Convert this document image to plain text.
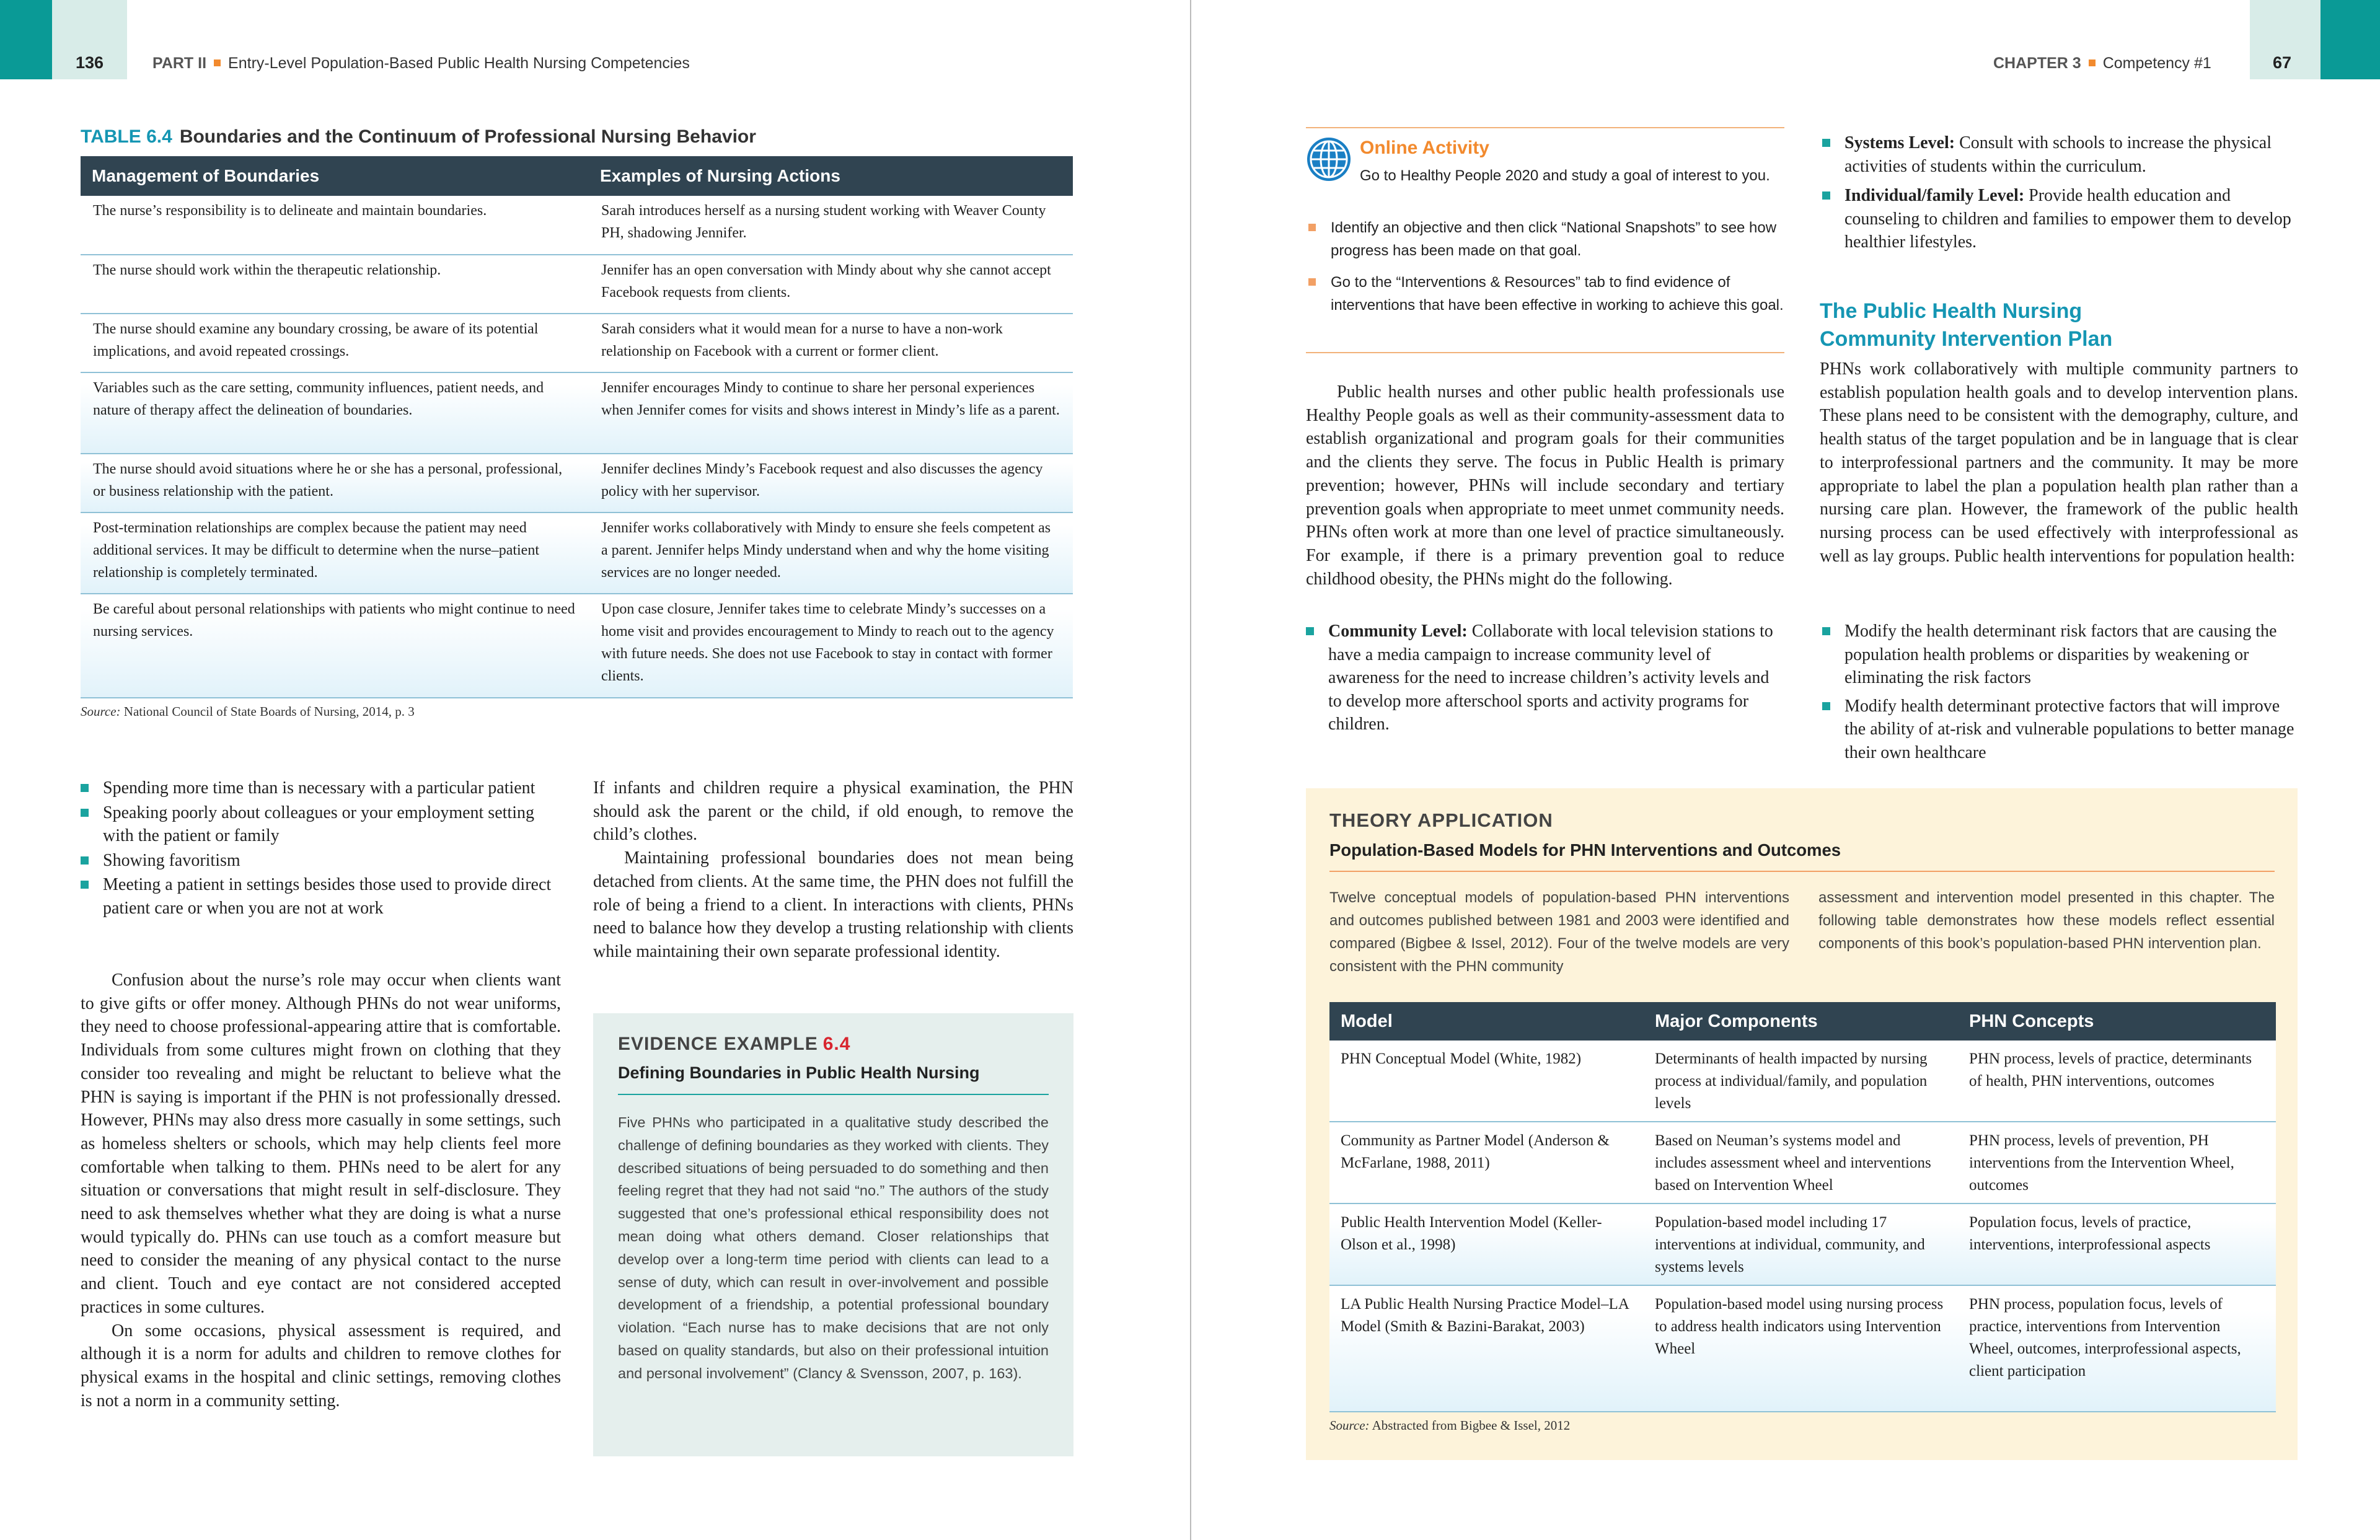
136	PART II Entry-Level Population-Based Public Health Nursing Competencies	CHAPTER 3 Competency #1	67
TABLE 6.4 Boundaries and the Continuum of Professional Nursing Behavior
Management of Boundaries	Examples of Nursing Actions
The nurse’s responsibility is to delineate and maintain boundaries.	Sarah introduces herself as a nursing student working with Weaver County PH, shadowing Jennifer.
The nurse should work within the therapeutic relationship.	Jennifer has an open conversation with Mindy about why she cannot accept Facebook requests from clients.
The nurse should examine any boundary crossing, be aware of its potential implications, and avoid repeated crossings.	Sarah considers what it would mean for a nurse to have a non-work relationship on Facebook with a current or former client.
Variables such as the care setting, community influences, patient needs, and nature of therapy affect the delineation of boundaries.	Jennifer encourages Mindy to continue to share her personal experiences when Jennifer comes for visits and shows interest in Mindy’s life as a parent.
The nurse should avoid situations where he or she has a personal, professional, or business relationship with the patient.	Jennifer declines Mindy’s Facebook request and also discusses the agency policy with her supervisor.
Post-termination relationships are complex because the patient may need additional services. It may be difficult to determine when the nurse–patient relationship is completely terminated.	Jennifer works collaboratively with Mindy to ensure she feels competent as a parent. Jennifer helps Mindy understand when and why the home visiting services are no longer needed.
Be careful about personal relationships with patients who might continue to need nursing services.	Upon case closure, Jennifer takes time to celebrate Mindy’s successes on a home visit and provides encouragement to Mindy to reach out to the agency with future needs. She does not use Facebook to stay in contact with former clients.
Source: National Council of State Boards of Nursing, 2014, p. 3
Spending more time than is necessary with a particular patient
Speaking poorly about colleagues or your employment setting with the patient or family
Showing favoritism
Meeting a patient in settings besides those used to provide direct patient care or when you are not at work

Confusion about the nurse’s role may occur when clients want to give gifts or offer money. Although PHNs do not wear uniforms, they need to choose professional-appearing attire that is comfortable. Individuals from some cultures might frown on clothing that they consider too revealing and might be reluctant to believe what the PHN is saying is important if the PHN is not professionally dressed. However, PHNs may also dress more casually in some settings, such as homeless shelters or schools, which may help clients feel more comfortable when talking to them. PHNs need to be alert for any situation or conversations that might result in self-disclosure. They need to ask themselves whether what they are doing is what a nurse would typically do. PHNs can use touch as a comfort measure but need to consider the meaning of any physical contact to the nurse and client. Touch and eye contact are not considered accepted practices in some cultures.

On some occasions, physical assessment is required, and although it is a norm for adults and children to remove clothes for physical exams in the hospital and clinic settings, removing clothes is not a norm in a community setting.

If infants and children require a physical examination, the PHN should ask the parent or the child, if old enough, to remove the child’s clothes.

Maintaining professional boundaries does not mean being detached from clients. At the same time, the PHN does not fulfill the role of being a friend to a client. In interactions with clients, PHNs need to balance how they develop a trusting relationship with clients while maintaining their own separate professional identity.

EVIDENCE EXAMPLE 6.4
Defining Boundaries in Public Health Nursing
Five PHNs who participated in a qualitative study described the challenge of defining boundaries as they worked with clients. They described situations of being persuaded to do something and then feeling regret that they had not said “no.” The authors of the study suggested that one’s professional ethical responsibility does not mean doing what others demand. Closer relationships that develop over a long-term time period with clients can lead to a sense of duty, which can result in over-involvement and possible development of a friendship, a potential professional boundary violation. “Each nurse has to make decisions that are not only based on quality standards, but also on their professional intuition and personal involvement” (Clancy & Svensson, 2007, p. 163).
Online Activity
Go to Healthy People 2020 and study a goal of interest to you.
Identify an objective and then click “National Snapshots” to see how progress has been made on that goal.
Go to the “Interventions & Resources” tab to find evidence of interventions that have been effective in working to achieve this goal.

Public health nurses and other public health professionals use Healthy People goals as well as their community-assessment data to establish organizational and program goals for their communities and the clients they serve. The focus in Public Health is primary prevention; however, PHNs will include secondary and tertiary prevention goals when appropriate to meet unmet community needs. PHNs often work at more than one level of practice simultaneously. For example, if there is a primary prevention goal to reduce childhood obesity, the PHNs might do the following.

Community Level: Collaborate with local television stations to have a media campaign to increase community level of awareness for the need to increase children’s activity levels and to develop more afterschool sports and activity programs for children.
Systems Level: Consult with schools to increase the physical activities of students within the curriculum.
Individual/family Level: Provide health education and counseling to children and families to empower them to develop healthier lifestyles.
The Public Health Nursing Community Intervention Plan

PHNs work collaboratively with multiple community partners to establish population health goals and to develop intervention plans. These plans need to be consistent with the demography, culture, and health status of the target population and be in language that is clear to interprofessional partners and the community. It may be more appropriate to label the plan a population health plan rather than a nursing care plan. However, the framework of the public health nursing process can be used effectively with interprofessional as well as lay groups. Public health interventions for population health:

Modify the health determinant risk factors that are causing the population health problems or disparities by weakening or eliminating the risk factors
Modify health determinant protective factors that will improve the ability of at-risk and vulnerable populations to better manage their own healthcare
THEORY APPLICATION
Population-Based Models for PHN Interventions and Outcomes
Twelve conceptual models of population-based PHN interventions and outcomes published between 1981 and 2003 were identified and compared (Bigbee & Issel, 2012). Four of the twelve models are very consistent with the PHN community
assessment and intervention model presented in this chapter. The following table demonstrates how these models reflect essential components of this book’s population-based PHN intervention plan.
Model	Major Components	PHN Concepts
PHN Conceptual Model (White, 1982)	Determinants of health impacted by nursing process at individual/family, and population levels	PHN process, levels of practice, determinants of health, PHN interventions, outcomes
Community as Partner Model (Anderson & McFarlane, 1988, 2011)	Based on Neuman’s systems model and includes assessment wheel and interventions based on Intervention Wheel	PHN process, levels of prevention, PH interventions from the Intervention Wheel, outcomes
Public Health Intervention Model (Keller-Olson et al., 1998)	Population-based model including 17 interventions at individual, community, and systems levels	Population focus, levels of practice, interventions, interprofessional aspects
LA Public Health Nursing Practice Model–LA Model (Smith & Bazini-Barakat, 2003)	Population-based model using nursing process to address health indicators using Intervention Wheel	PHN process, population focus, levels of practice, interventions from Intervention Wheel, outcomes, interprofessional aspects, client participation
Source: Abstracted from Bigbee & Issel, 2012
